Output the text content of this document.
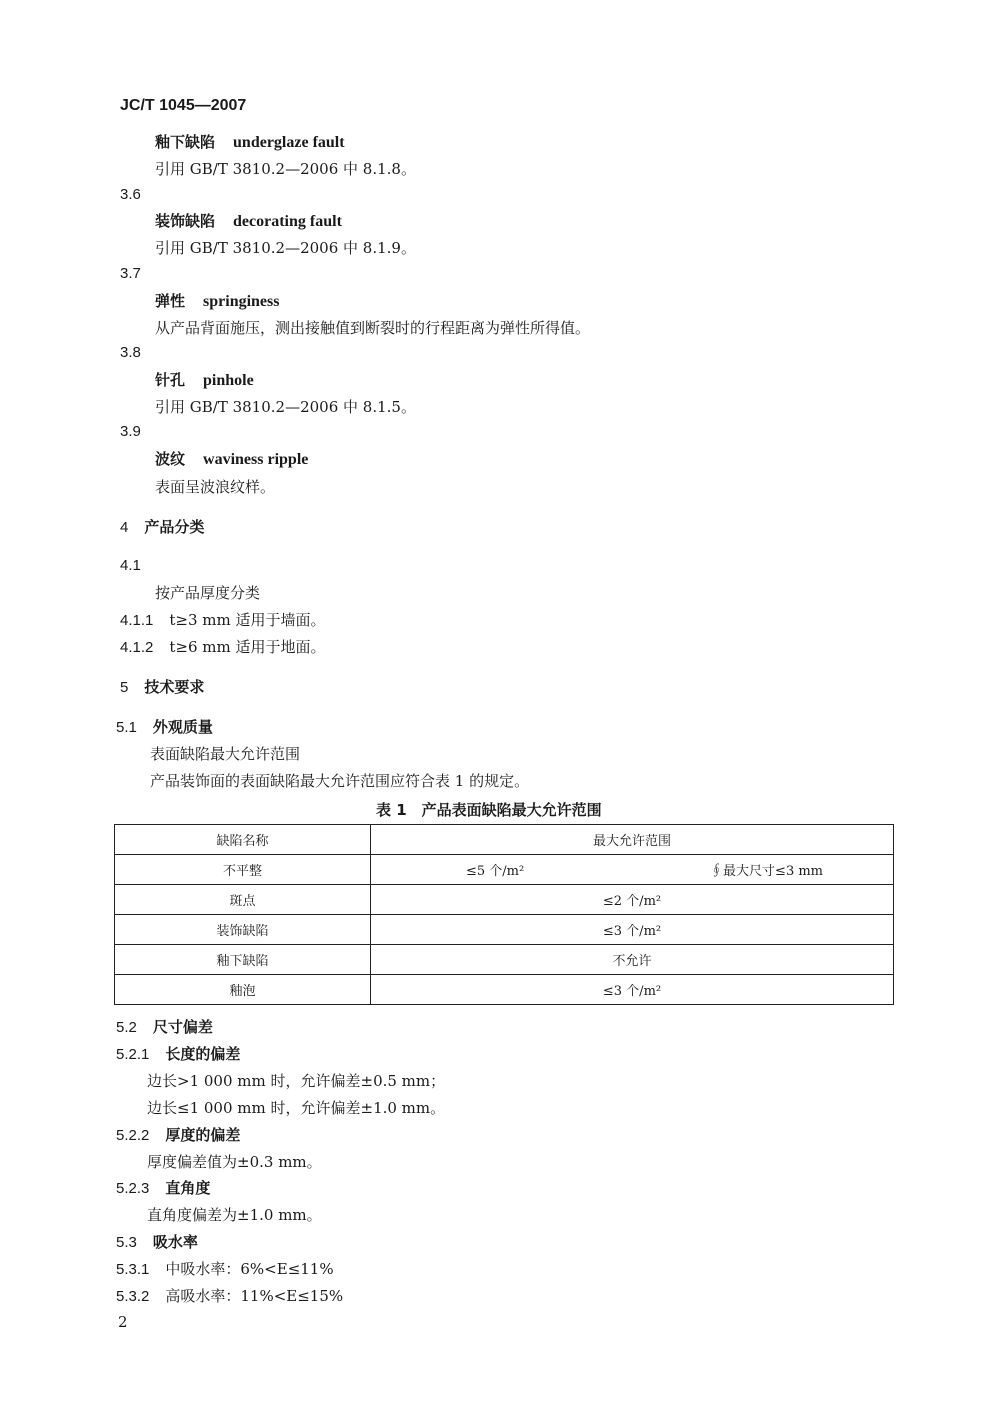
JC/T 1045—2007
釉下缺陷 underglaze fault
引用 GB/T 3810.2—2006 中 8.1.8。
3.6
装饰缺陷 decorating fault
引用 GB/T 3810.2—2006 中 8.1.9。
3.7
弹性 springiness
从产品背面施压，测出接触值到断裂时的行程距离为弹性所得值。
3.8
针孔 pinhole
引用 GB/T 3810.2—2006 中 8.1.5。
3.9
波纹 waviness ripple
表面呈波浪纹样。
4 产品分类
4.1
按产品厚度分类
4.1.1 t≥3 mm 适用于墙面。
4.1.2 t≥6 mm 适用于地面。
5 技术要求
5.1 外观质量
表面缺陷最大允许范围
产品装饰面的表面缺陷最大允许范围应符合表 1 的规定。
表 1　产品表面缺陷最大允许范围
缺陷名称	最大允许范围
不平整	≤5 个/m² ∮最大尺寸≤3 mm

斑点	≤2 个/m²
装饰缺陷	≤3 个/m²
釉下缺陷	不允许
釉泡	≤3 个/m²
5.2 尺寸偏差
5.2.1 长度的偏差
边长>1 000 mm 时，允许偏差±0.5 mm；
边长≤1 000 mm 时，允许偏差±1.0 mm。
5.2.2 厚度的偏差
厚度偏差值为±0.3 mm。
5.2.3 直角度
直角度偏差为±1.0 mm。
5.3 吸水率
5.3.1 中吸水率：6%<E≤11%
5.3.2 高吸水率：11%<E≤15%
2
